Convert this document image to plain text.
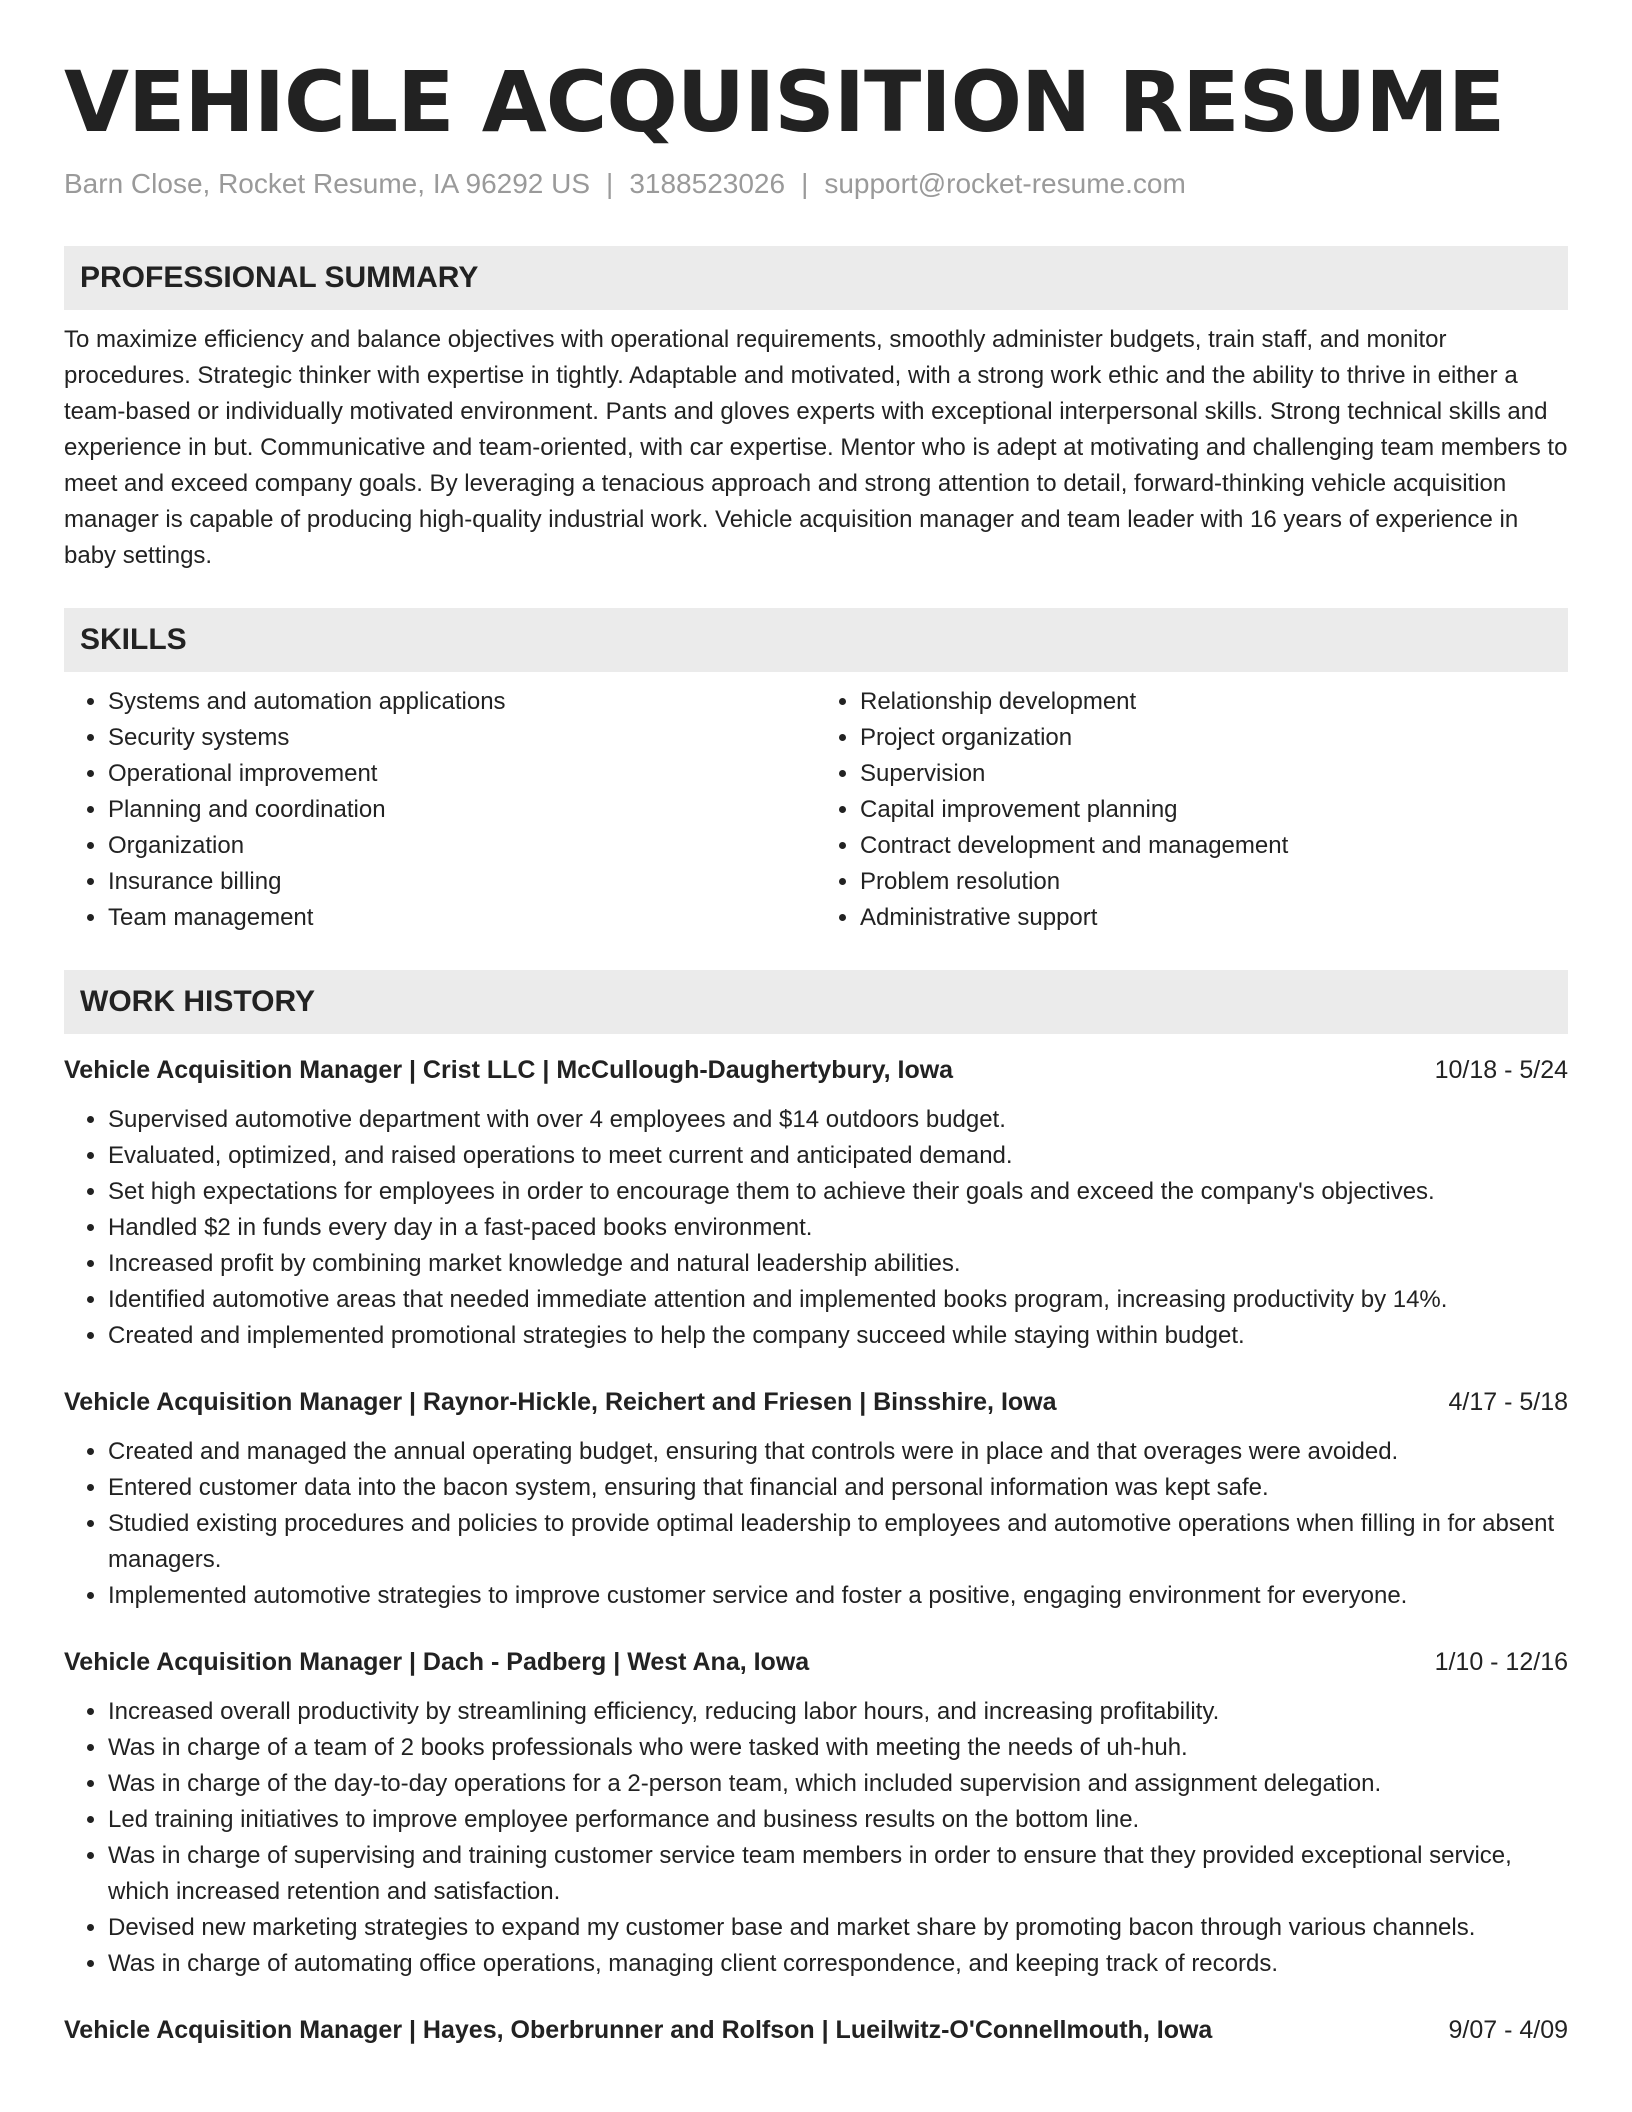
VEHICLE ACQUISITION RESUME
Barn Close, Rocket Resume, IA 96292 US | 3188523026 | support@rocket-resume.com
PROFESSIONAL SUMMARY

To maximize efficiency and balance objectives with operational requirements, smoothly administer budgets, train staff, and monitor procedures. Strategic thinker with expertise in tightly. Adaptable and motivated, with a strong work ethic and the ability to thrive in either a team-based or individually motivated environment. Pants and gloves experts with exceptional interpersonal skills. Strong technical skills and experience in but. Communicative and team-oriented, with car expertise. Mentor who is adept at motivating and challenging team members to meet and exceed company goals. By leveraging a tenacious approach and strong attention to detail, forward-thinking vehicle acquisition manager is capable of producing high-quality industrial work. Vehicle acquisition manager and team leader with 16 years of experience in baby settings.

SKILLS
• Systems and automation applications
• Security systems
• Operational improvement
• Planning and coordination
• Organization
• Insurance billing
• Team management
• Relationship development
• Project organization
• Supervision
• Capital improvement planning
• Contract development and management
• Problem resolution
• Administrative support
WORK HISTORY
Vehicle Acquisition Manager | Crist LLC | McCullough-Daughertybury, Iowa	10/18 - 5/24
• Supervised automotive department with over 4 employees and $14 outdoors budget.
• Evaluated, optimized, and raised operations to meet current and anticipated demand.
• Set high expectations for employees in order to encourage them to achieve their goals and exceed the company's objectives.
• Handled $2 in funds every day in a fast-paced books environment.
• Increased profit by combining market knowledge and natural leadership abilities.
• Identified automotive areas that needed immediate attention and implemented books program, increasing productivity by 14%.
• Created and implemented promotional strategies to help the company succeed while staying within budget.
Vehicle Acquisition Manager | Raynor-Hickle, Reichert and Friesen | Binsshire, Iowa	4/17 - 5/18
• Created and managed the annual operating budget, ensuring that controls were in place and that overages were avoided.
• Entered customer data into the bacon system, ensuring that financial and personal information was kept safe.
• Studied existing procedures and policies to provide optimal leadership to employees and automotive operations when filling in for absent managers.
• Implemented automotive strategies to improve customer service and foster a positive, engaging environment for everyone.
Vehicle Acquisition Manager | Dach - Padberg | West Ana, Iowa	1/10 - 12/16
• Increased overall productivity by streamlining efficiency, reducing labor hours, and increasing profitability.
• Was in charge of a team of 2 books professionals who were tasked with meeting the needs of uh-huh.
• Was in charge of the day-to-day operations for a 2-person team, which included supervision and assignment delegation.
• Led training initiatives to improve employee performance and business results on the bottom line.
• Was in charge of supervising and training customer service team members in order to ensure that they provided exceptional service, which increased retention and satisfaction.
• Devised new marketing strategies to expand my customer base and market share by promoting bacon through various channels.
• Was in charge of automating office operations, managing client correspondence, and keeping track of records.
Vehicle Acquisition Manager | Hayes, Oberbrunner and Rolfson | Lueilwitz-O'Connellmouth, Iowa	9/07 - 4/09
